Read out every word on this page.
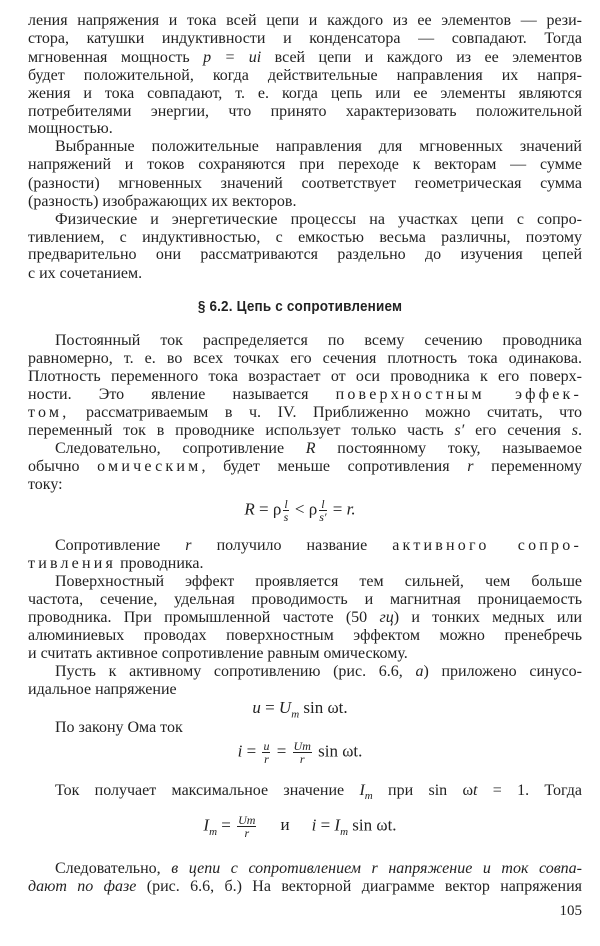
ления напряжения и тока всей цепи и каждого из ее элементов — рези-
стора, катушки индуктивности и конденсатора — совпадают. Тогда
мгновенная мощность p = ui всей цепи и каждого из ее элементов
будет положительной, когда действительные направления их напря-
жения и тока совпадают, т. е. когда цепь или ее элементы являются
потребителями энергии, что принято характеризовать положительной
мощностью.
Выбранные положительные направления для мгновенных значений
напряжений и токов сохраняются при переходе к векторам — сумме
(разности) мгновенных значений соответствует геометрическая сумма
(разность) изображающих их векторов.
Физические и энергетические процессы на участках цепи с сопро-
тивлением, с индуктивностью, с емкостью весьма различны, поэтому
предварительно они рассматриваются раздельно до изучения цепей
с их сочетанием.
Постоянный ток распределяется по всему сечению проводника
равномерно, т. е. во всех точках его сечения плотность тока одинакова.
Плотность переменного тока возрастает от оси проводника к его поверх-
ности. Это явление называется поверхностным эффек-
том, рассматриваемым в ч. IV. Приближенно можно считать, что
переменный ток в проводнике использует только часть s′ его сечения s.
Следовательно, сопротивление R постоянному току, называемое
обычно омическим, будет меньше сопротивления r переменному
току:
Сопротивление r получило название активного сопро-
тивления проводника.
Поверхностный эффект проявляется тем сильней, чем больше
частота, сечение, удельная проводимость и магнитная проницаемость
проводника. При промышленной частоте (50 гц) и тонких медных или
алюминиевых проводах поверхностным эффектом можно пренебречь
и считать активное сопротивление равным омическому.
Пусть к активному сопротивлению (рис. 6.6, а) приложено синусо-
идальное напряжение
По закону Ома ток
Ток получает максимальное значение $I_m$ при sin ωt = 1. Тогда
Следовательно, в цепи с сопротивлением r напряжение и ток совпа-
дают по фазе (рис. 6.6, б.) На векторной диаграмме вектор напряжения
§ 6.2. Цепь с сопротивлением
R = ρ $\frac{l}{s} < \rho \frac{l}{s'} = r$.
$u = U_m$ sin ωt.
$i = \frac{u}{r} = \frac{Um}{r}$ sin ωt.
$I_m = \frac{Um}{r}$ и $i = I_m$ sin ωt.
105
